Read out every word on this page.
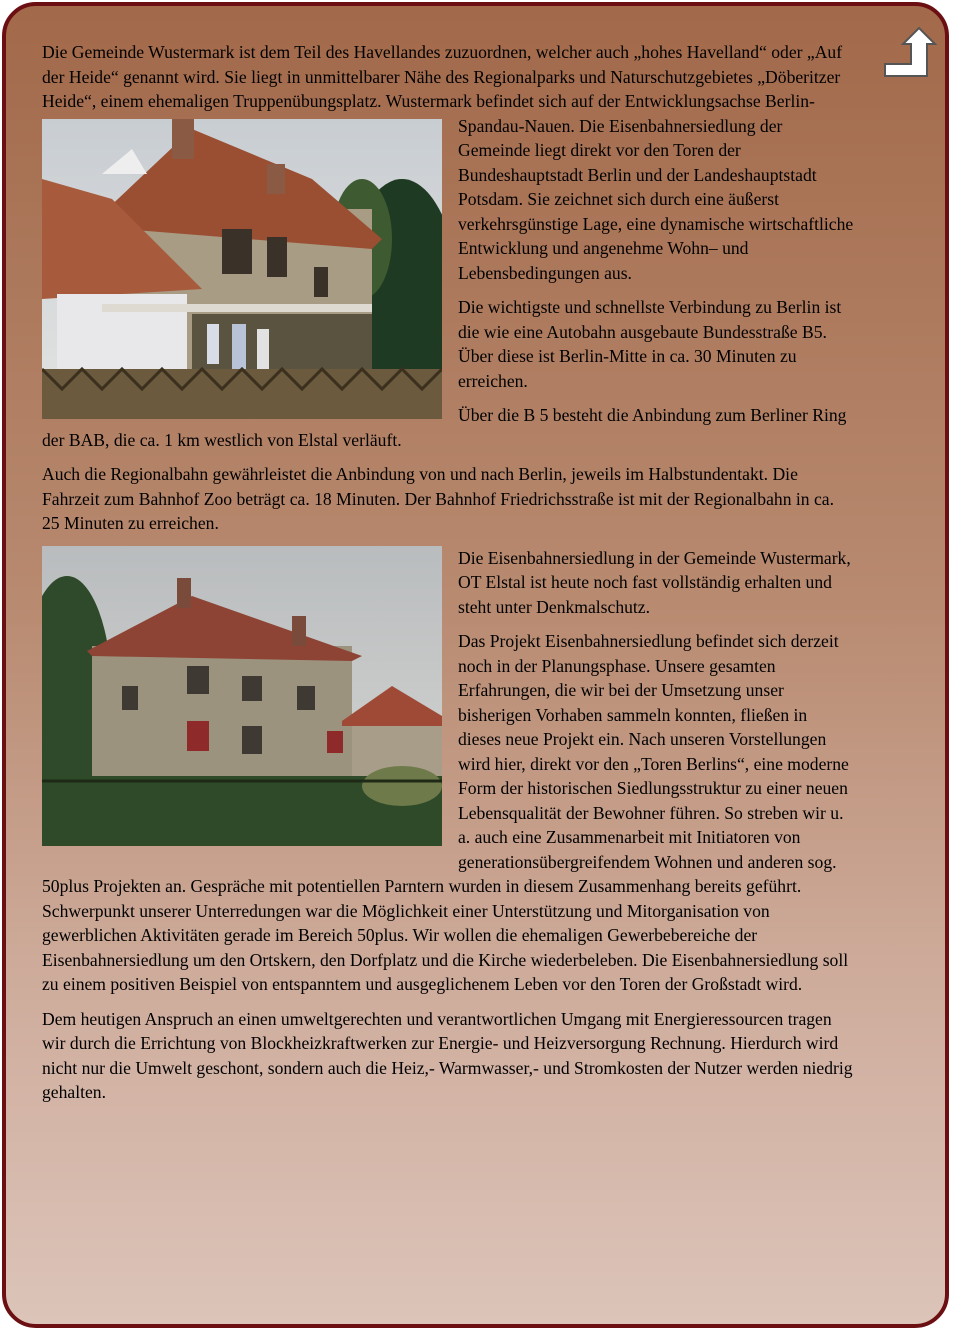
Die Gemeinde Wustermark ist dem Teil des Havellandes zuzuordnen, welcher auch „hohes Havelland“ oder „Auf der Heide“ genannt wird. Sie liegt in unmittelbarer Nähe des Regionalparks und Naturschutzgebietes „Döberitzer Heide“, einem ehemaligen Truppenübungsplatz. Wustermark befindet sich auf der Entwicklungsachse Berlin-Spandau-Nauen. Die Eisenbahnersiedlung der Gemeinde liegt direkt vor den Toren der Bundeshauptstadt Berlin und der Landeshauptstadt Potsdam. Sie zeichnet sich durch eine äußerst verkehrsgünstige Lage, eine dynamische wirtschaftliche Entwicklung und angenehme Wohn– und Lebensbedingungen aus.

Die wichtigste und schnellste Verbindung zu Berlin ist die wie eine Autobahn ausgebaute Bundesstraße B5. Über diese ist Berlin-Mitte in ca. 30 Minuten zu erreichen.

Über die B 5 besteht die Anbindung zum Berliner Ring der BAB, die ca. 1 km westlich von Elstal verläuft.

Auch die Regionalbahn gewährleistet die Anbindung von und nach Berlin, jeweils im Halbstundentakt. Die Fahrzeit zum Bahnhof Zoo beträgt ca. 18 Minuten. Der Bahnhof Friedrichsstraße ist mit der Regionalbahn in ca. 25 Minuten zu erreichen.

Die Eisenbahnersiedlung in der Gemeinde Wustermark, OT Elstal ist heute noch fast vollständig erhalten und steht unter Denkmalschutz.

Das Projekt Eisenbahnersiedlung befindet sich derzeit noch in der Planungsphase. Unsere gesamten Erfahrungen, die wir bei der Umsetzung unser bisherigen Vorhaben sammeln konnten, fließen in dieses neue Projekt ein. Nach unseren Vorstellungen wird hier, direkt vor den „Toren Berlins“, eine moderne Form der historischen Siedlungsstruktur zu einer neuen Lebensqualität der Bewohner führen. So streben wir u. a. auch eine Zusammenarbeit mit Initiatoren von generationsübergreifendem Wohnen und anderen sog. 50plus Projekten an. Gespräche mit potentiellen Parntern wurden in diesem Zusammenhang bereits geführt. Schwerpunkt unserer Unterredungen war die Möglichkeit einer Unterstützung und Mitorganisation von gewerblichen Aktivitäten gerade im Bereich 50plus. Wir wollen die ehemaligen Gewerbebereiche der Eisenbahnersiedlung um den Ortskern, den Dorfplatz und die Kirche wiederbeleben. Die Eisenbahnersiedlung soll zu einem positiven Beispiel von entspanntem und ausgeglichenem Leben vor den Toren der Großstadt wird.

Dem heutigen Anspruch an einen umweltgerechten und verantwortlichen Umgang mit Energieressourcen tragen wir durch die Errichtung von Blockheizkraftwerken zur Energie- und Heizversorgung Rechnung. Hierdurch wird nicht nur die Umwelt geschont, sondern auch die Heiz,- Warmwasser,- und Stromkosten der Nutzer werden niedrig gehalten.
